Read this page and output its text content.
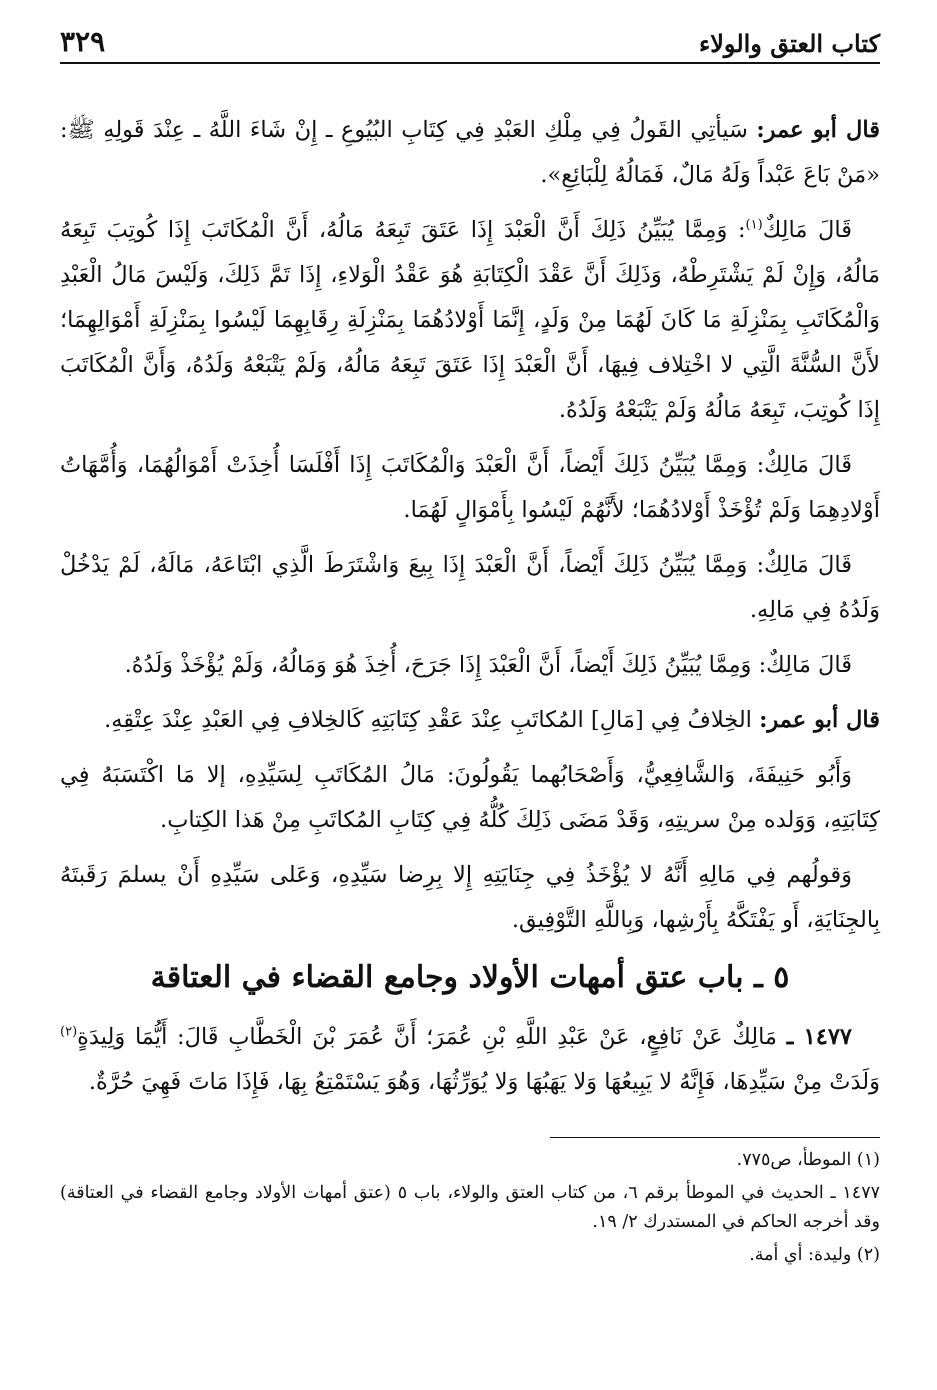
كتاب العتق والولاء
٣٢٩

قال أبو عمر: سَيأتِي القَولُ فِي مِلْكِ العَبْدِ فِي كِتَابِ البُيُوعِ ـ إِنْ شَاءَ اللَّهُ ـ عِنْدَ قَولِهِ ﷺ: «مَنْ بَاعَ عَبْداً وَلَهُ مَالٌ، فَمَالُهُ لِلْبَائِعِ».

قَالَ مَالِكٌ$^{(١)}$: وَمِمَّا يُبَيِّنُ ذَلِكَ أَنَّ الْعَبْدَ إِذَا عَتَقَ تَبِعَهُ مَالُهُ، أَنَّ الْمُكَاتَبَ إِذَا كُوتِبَ تَبِعَهُ مَالُهُ، وَإِنْ لَمْ يَشْتَرِطْهُ، وَذَلِكَ أَنَّ عَقْدَ الْكِتَابَةِ هُوَ عَقْدُ الْوَلاءِ، إِذَا تَمَّ ذَلِكَ، وَلَيْسَ مَالُ الْعَبْدِ وَالْمُكَاتَبِ بِمَنْزِلَةِ مَا كَانَ لَهُمَا مِنْ وَلَدٍ، إِنَّمَا أَوْلادُهُمَا بِمَنْزِلَةِ رِقَابِهِمَا لَيْسُوا بِمَنْزِلَةِ أَمْوَالِهِمَا؛ لأَنَّ السُّنَّةَ الَّتِي لا اخْتِلاف فِيهَا، أَنَّ الْعَبْدَ إِذَا عَتَقَ تَبِعَهُ مَالُهُ، وَلَمْ يَتْبَعْهُ وَلَدُهُ، وَأَنَّ الْمُكَاتَبَ إِذَا كُوتِبَ، تَبِعَهُ مَالُهُ وَلَمْ يَتْبَعْهُ وَلَدُهُ.

قَالَ مَالِكٌ: وَمِمَّا يُبَيِّنُ ذَلِكَ أَيْضاً، أَنَّ الْعَبْدَ وَالْمُكَاتَبَ إِذَا أَفْلَسَا أُخِذَتْ أَمْوَالُهُمَا، وَأُمَّهَاتُ أَوْلادِهِمَا وَلَمْ تُؤْخَذْ أَوْلادُهُمَا؛ لأَنَّهُمْ لَيْسُوا بِأَمْوَالٍ لَهُمَا.

قَالَ مَالِكٌ: وَمِمَّا يُبَيِّنُ ذَلِكَ أَيْضاً، أَنَّ الْعَبْدَ إِذَا بِيعَ وَاشْتَرَطَ الَّذِي ابْتَاعَهُ، مَالَهُ، لَمْ يَدْخُلْ وَلَدُهُ فِي مَالِهِ.

قَالَ مَالِكٌ: وَمِمَّا يُبَيِّنُ ذَلِكَ أَيْضاً، أَنَّ الْعَبْدَ إِذَا جَرَحَ، أُخِذَ هُوَ وَمَالُهُ، وَلَمْ يُؤْخَذْ وَلَدُهُ.

قال أبو عمر: الخِلافُ فِي [مَالِ] المُكاتَبِ عِنْدَ عَقْدِ كِتَابَتِهِ كَالخِلافِ فِي العَبْدِ عِنْدَ عِتْقِهِ.

وَأَبُو حَنِيفَةَ، وَالشَّافِعِيُّ، وَأَصْحَابُهما يَقُولُونَ: مَالُ المُكَاتَبِ لِسَيِّدِهِ، إلا مَا اكْتَسَبَهُ فِي كِتَابَتِهِ، وَوَلده مِنْ سريتِهِ، وَقَدْ مَضَى ذَلِكَ كُلُّهُ فِي كِتَابِ المُكاتَبِ مِنْ هَذا الكِتابِ.

وَقولُهم فِي مَالِهِ أَنَّهُ لا يُؤْخَذُ فِي جِنَايَتِهِ إِلا بِرِضا سَيِّدِهِ، وَعَلى سَيِّدِهِ أَنْ يسلمَ رَقَبتَهُ بِالجِنَايَةِ، أَو يَفْتَكَّهُ بِأَرْشِها، وَبِاللَّهِ التَّوْفِيق.

٥ ـ باب عتق أمهات الأولاد وجامع القضاء في العتاقة

١٤٧٧ ـ مَالِكٌ عَنْ نَافِعٍ، عَنْ عَبْدِ اللَّهِ بْنِ عُمَرَ؛ أَنَّ عُمَرَ بْنَ الْخَطَّابِ قَالَ: أَيُّمَا وَلِيدَةٍ$^{(٢)}$ وَلَدَتْ مِنْ سَيِّدِهَا، فَإِنَّهُ لا يَبِيعُهَا وَلا يَهَبُهَا وَلا يُوَرِّثُهَا، وَهُوَ يَسْتَمْتِعُ بِهَا، فَإِذَا مَاتَ فَهِيَ حُرَّةٌ.

(١) الموطأ، ص٧٧٥.
١٤٧٧ ـ الحديث في الموطأ برقم ٦، من كتاب العتق والولاء، باب ٥ (عتق أمهات الأولاد وجامع القضاء في العتاقة) وقد أخرجه الحاكم في المستدرك ٢/ ١٩.
(٢) وليدة: أي أمة.
